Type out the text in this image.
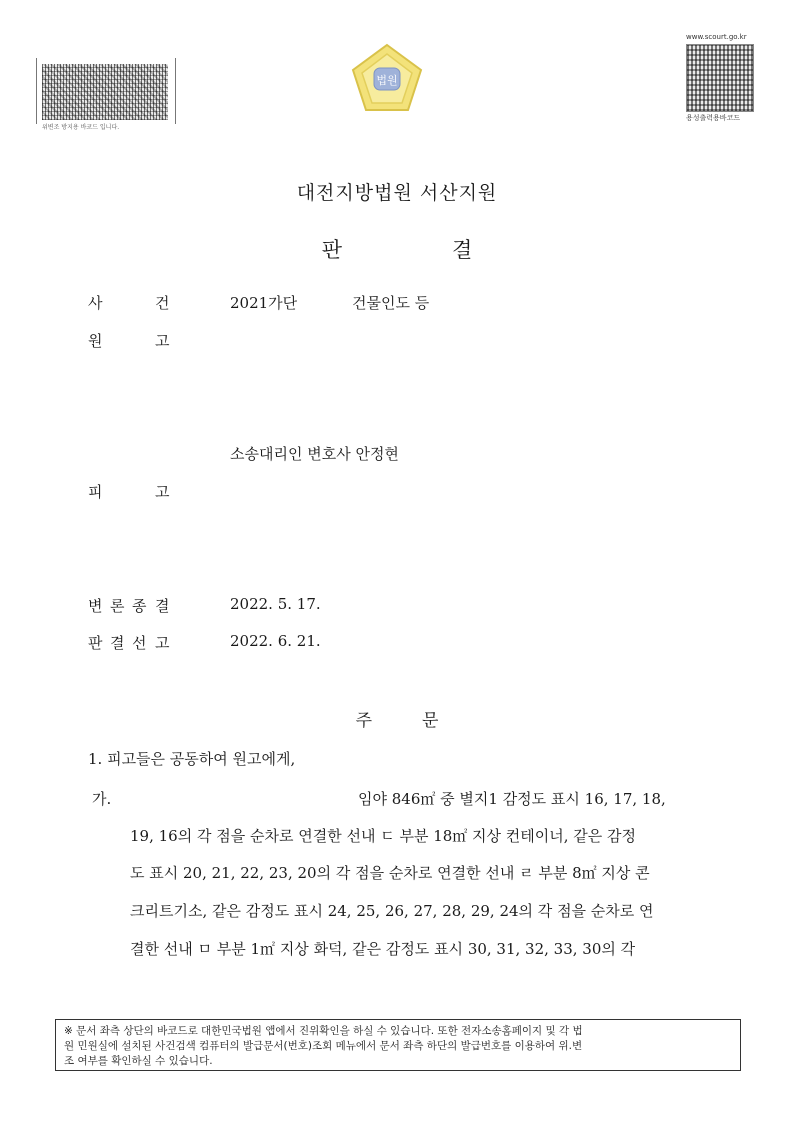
위변조 방지용 바코드 입니다.
법원
www.scourt.go.kr
용성출력용바코드
대전지방법원 서산지원
판	결
사	건	2021가단	건물인도 등
원	고
소송대리인 변호사 안정현
피	고
변 론 종 결	2022. 5. 17.
판 결 선 고	2022. 6. 21.
주	문
1. 피고들은 공동하여 원고에게,
가.	임야 846㎡ 중 별지1 감정도 표시 16, 17, 18,
19, 16의 각 점을 순차로 연결한 선내 ㄷ 부분 18㎡ 지상 컨테이너, 같은 감정
도 표시 20, 21, 22, 23, 20의 각 점을 순차로 연결한 선내 ㄹ 부분 8㎡ 지상 콘
크리트기소, 같은 감정도 표시 24, 25, 26, 27, 28, 29, 24의 각 점을 순차로 연
결한 선내 ㅁ 부분 1㎡ 지상 화덕, 같은 감정도 표시 30, 31, 32, 33, 30의 각
※ 문서 좌측 상단의 바코드로 대한민국법원 앱에서 진위확인을 하실 수 있습니다. 또한 전자소송홈페이지 및 각 법
원 민원실에 설치된 사건검색 컴퓨터의 발급문서(번호)조회 메뉴에서 문서 좌측 하단의 발급번호를 이용하여 위.변
조 여부를 확인하실 수 있습니다.
